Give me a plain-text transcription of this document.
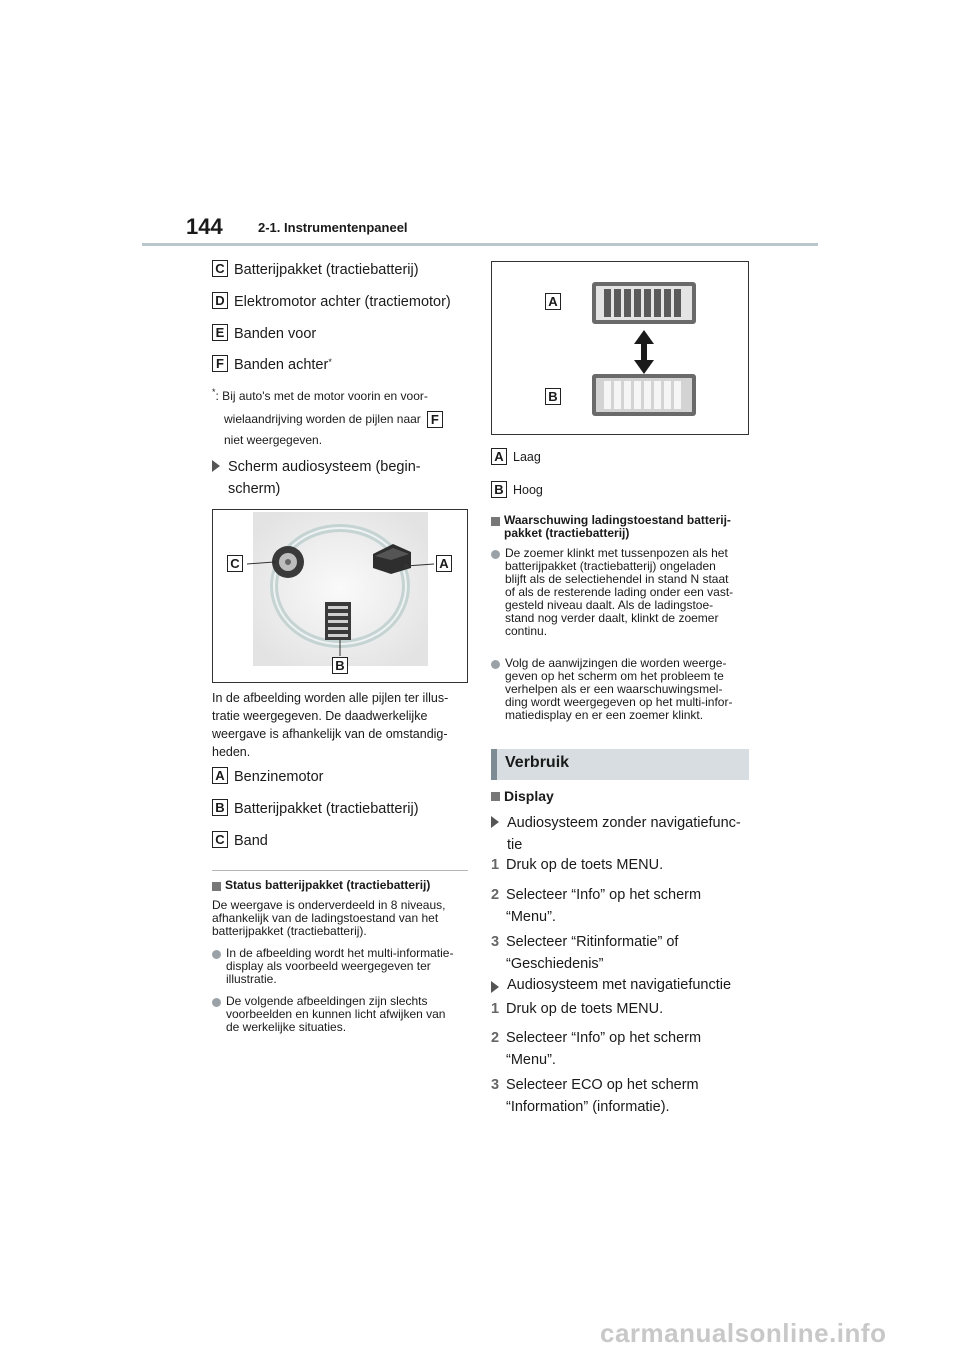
144	2-1. Instrumentenpaneel
C Batterijpakket (tractiebatterij)
D Elektromotor achter (tractiemotor)
E Banden voor
F Banden achter*
*: Bij auto's met de motor voorin en voor-
wielaandrijving worden de pijlen naar F
niet weergegeven.
Scherm audiosysteem (begin-
scherm)
C	A
B
In de afbeelding worden alle pijlen ter illus-
tratie weergegeven. De daadwerkelijke
weergave is afhankelijk van de omstandig-
heden.
A Benzinemotor
B Batterijpakket (tractiebatterij)
C Band
Status batterijpakket (tractiebatterij)
De weergave is onderverdeeld in 8 niveaus,
afhankelijk van de ladingstoestand van het
batterijpakket (tractiebatterij).
In de afbeelding wordt het multi-informatie-
display als voorbeeld weergegeven ter
illustratie.
De volgende afbeeldingen zijn slechts
voorbeelden en kunnen licht afwijken van
de werkelijke situaties.
A
B
A Laag
B Hoog
Waarschuwing ladingstoestand batterij-
pakket (tractiebatterij)
De zoemer klinkt met tussenpozen als het
batterijpakket (tractiebatterij) ongeladen
blijft als de selectiehendel in stand N staat
of als de resterende lading onder een vast-
gesteld niveau daalt. Als de ladingstoe-
stand nog verder daalt, klinkt de zoemer
continu.
Volg de aanwijzingen die worden weerge-
geven op het scherm om het probleem te
verhelpen als er een waarschuwingsmel-
ding wordt weergegeven op het multi-infor-
matiedisplay en er een zoemer klinkt.
Verbruik
Display
Audiosysteem zonder navigatiefunc-
tie
1 Druk op de toets MENU.
2 Selecteer “Info” op het scherm
“Menu”.
3 Selecteer “Ritinformatie” of
“Geschiedenis”
Audiosysteem met navigatiefunctie
1 Druk op de toets MENU.
2 Selecteer “Info” op het scherm
“Menu”.
3 Selecteer ECO op het scherm
“Information” (informatie).
carmanualsonline.info
